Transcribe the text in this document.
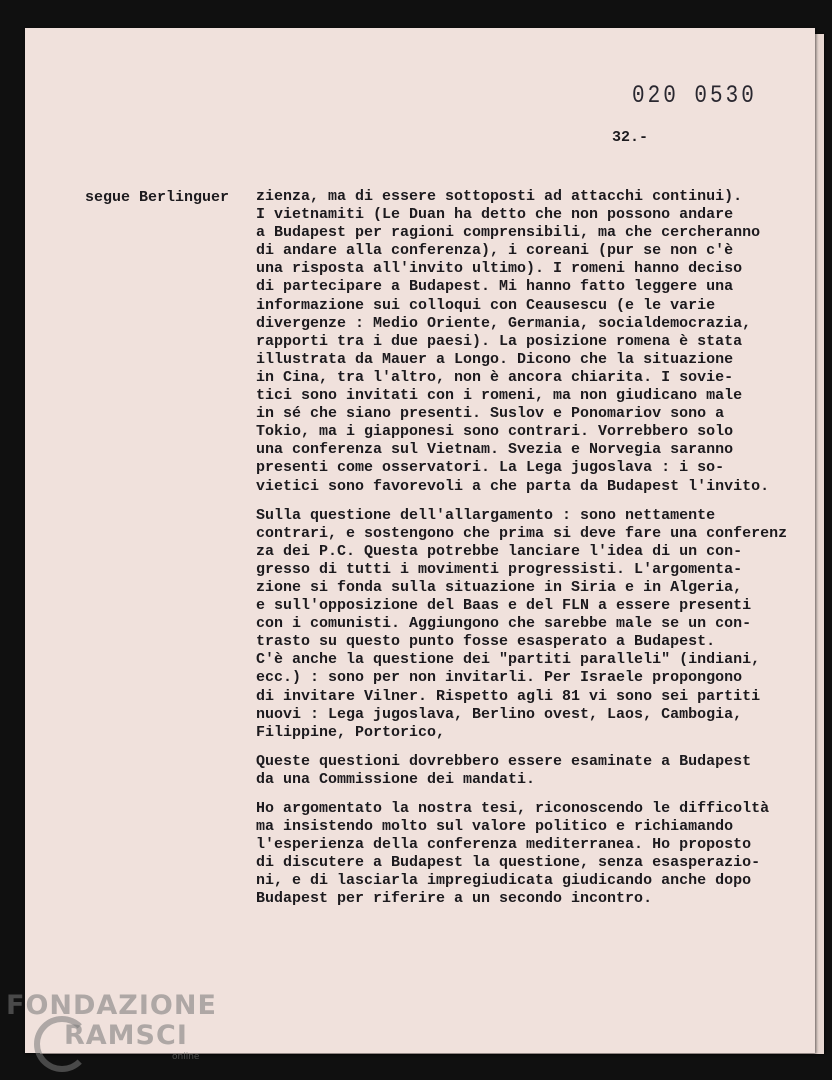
020 0530
32.-
segue Berlinguer zienza, ma di essere sottoposti ad attacchi continui).
I vietnamiti (Le Duan ha detto che non possono andare
a Budapest per ragioni comprensibili, ma che cercheranno
di andare alla conferenza), i coreani (pur se non c'è
una risposta all'invito ultimo). I romeni hanno deciso
di partecipare a Budapest. Mi hanno fatto leggere una
informazione sui colloqui con Ceausescu (e le varie
divergenze : Medio Oriente, Germania, socialdemocrazia,
rapporti tra i due paesi). La posizione romena è stata
illustrata da Mauer a Longo. Dicono che la situazione
in Cina, tra l'altro, non è ancora chiarita. I sovie-
tici sono invitati con i romeni, ma non giudicano male
in sé che siano presenti. Suslov e Ponomariov sono a
Tokio, ma i giapponesi sono contrari. Vorrebbero solo
una conferenza sul Vietnam. Svezia e Norvegia saranno
presenti come osservatori. La Lega jugoslava : i so-
vietici sono favorevoli a che parta da Budapest l'invito.
Sulla questione dell'allargamento : sono nettamente
contrari, e sostengono che prima si deve fare una conferenz
za dei P.C. Questa potrebbe lanciare l'idea di un con-
gresso di tutti i movimenti progressisti. L'argomenta-
zione si fonda sulla situazione in Siria e in Algeria,
e sull'opposizione del Baas e del FLN a essere presenti
con i comunisti. Aggiungono che sarebbe male se un con-
trasto su questo punto fosse esasperato a Budapest.
C'è anche la questione dei "partiti paralleli" (indiani,
ecc.) : sono per non invitarli. Per Israele propongono
di invitare Vilner. Rispetto agli 81 vi sono sei partiti
nuovi : Lega jugoslava, Berlino ovest, Laos, Cambogia,
Filippine, Portorico,
Queste questioni dovrebbero essere esaminate a Budapest
da una Commissione dei mandati.
Ho argomentato la nostra tesi, riconoscendo le difficoltà
ma insistendo molto sul valore politico e richiamando
l'esperienza della conferenza mediterranea. Ho proposto
di discutere a Budapest la questione, senza esasperazio-
ni, e di lasciarla impregiudicata giudicando anche dopo
Budapest per riferire a un secondo incontro.
FONDAZIONE
RAMSCI
online
